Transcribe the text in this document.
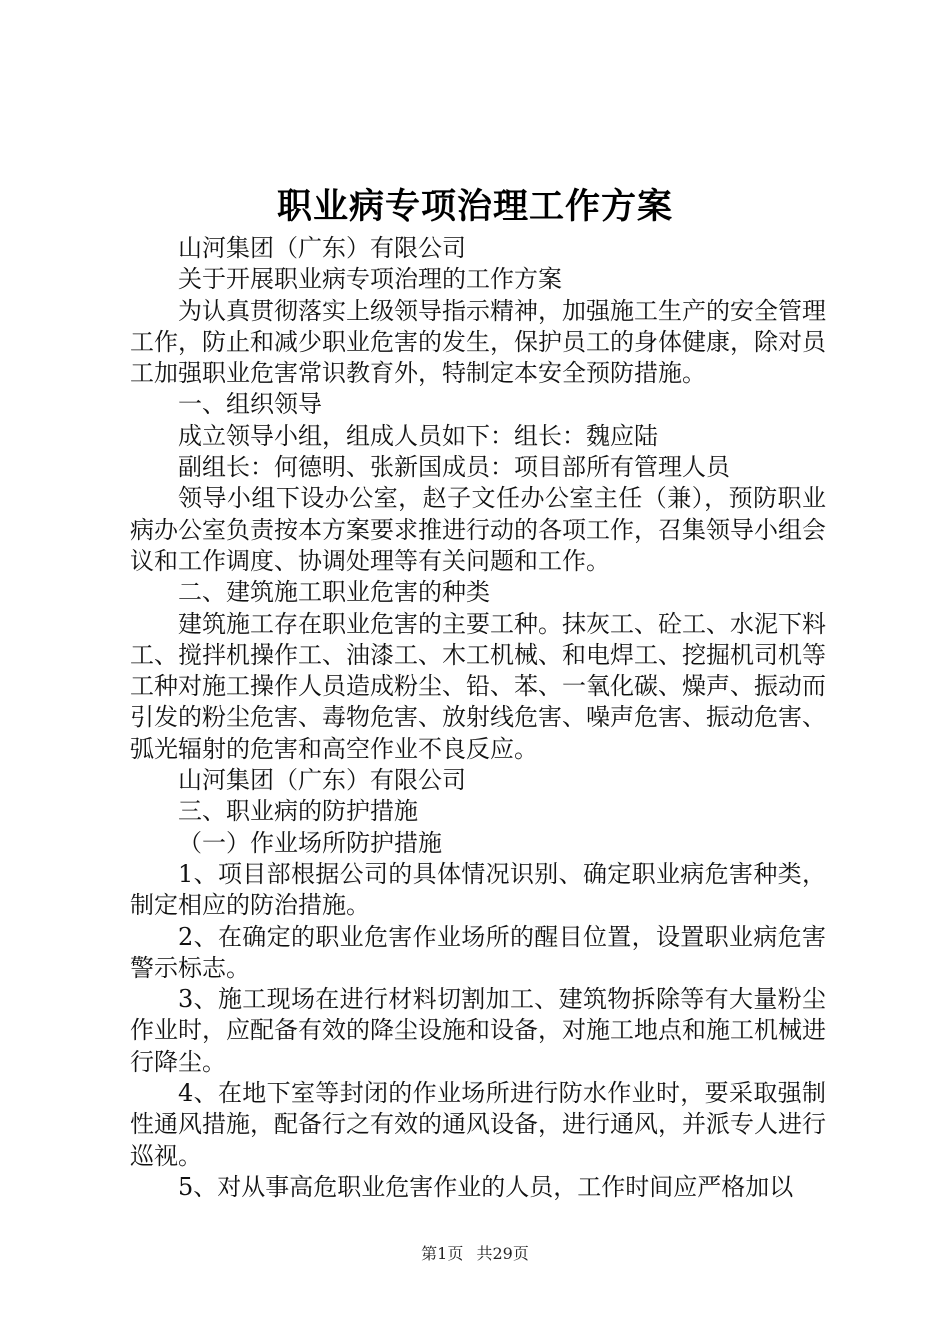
职业病专项治理工作方案

山河集团（广东）有限公司

关于开展职业病专项治理的工作方案

为认真贯彻落实上级领导指示精神，加强施工生产的安全管理工作，防止和减少职业危害的发生，保护员工的身体健康，除对员工加强职业危害常识教育外，特制定本安全预防措施。

一、组织领导

成立领导小组，组成人员如下：组长：魏应陆

副组长：何德明、张新国成员：项目部所有管理人员

领导小组下设办公室，赵子文任办公室主任（兼），预防职业病办公室负责按本方案要求推进行动的各项工作，召集领导小组会议和工作调度、协调处理等有关问题和工作。

二、建筑施工职业危害的种类

建筑施工存在职业危害的主要工种。抹灰工、砼工、水泥下料工、搅拌机操作工、油漆工、木工机械、和电焊工、挖掘机司机等工种对施工操作人员造成粉尘、铅、苯、一氧化碳、燥声、振动而引发的粉尘危害、毒物危害、放射线危害、噪声危害、振动危害、弧光辐射的危害和高空作业不良反应。

山河集团（广东）有限公司

三、职业病的防护措施

（一）作业场所防护措施

1、项目部根据公司的具体情况识别、确定职业病危害种类，制定相应的防治措施。

2、在确定的职业危害作业场所的醒目位置，设置职业病危害警示标志。

3、施工现场在进行材料切割加工、建筑物拆除等有大量粉尘作业时，应配备有效的降尘设施和设备，对施工地点和施工机械进行降尘。

4、在地下室等封闭的作业场所进行防水作业时，要采取强制性通风措施，配备行之有效的通风设备，进行通风，并派专人进行巡视。

5、对从事高危职业危害作业的人员，工作时间应严格加以

第1页 共29页
